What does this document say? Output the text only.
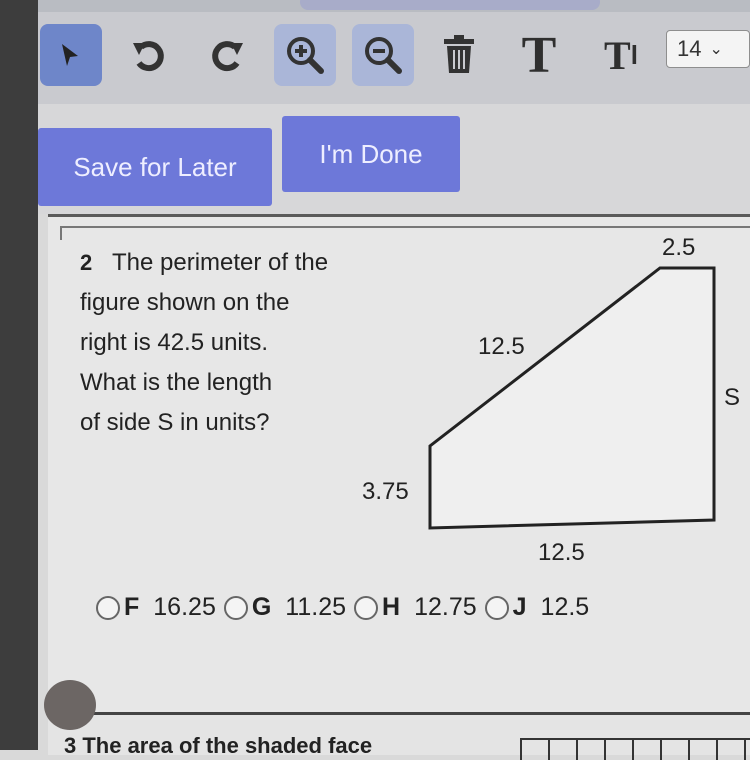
T T l 14 ⌄
Save for Later	I'm Done
The perimeter of the
figure shown on the
right is 42.5 units.
What is the length
of side S in units?
2
2.5
12.5
S
3.75
12.5
F 16.25 G 11.25 H 12.75 J 12.5
3 The area of the shaded face
